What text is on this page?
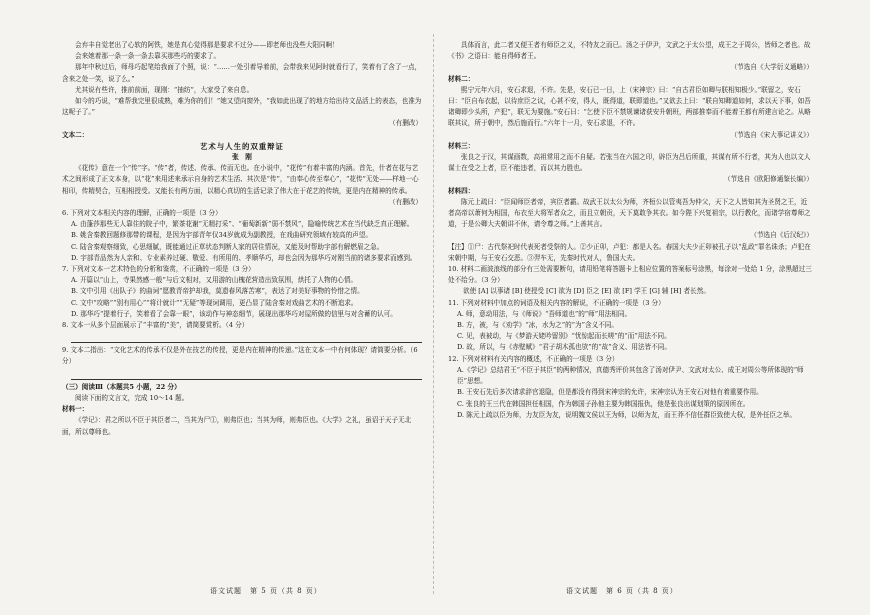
会弃丰自觉老出了心软的阿铁，她是真心觉得那是要求不过分——即老师也没些大阳同啊！

会来她着那一条一条一条去靠买那些巧的要求了。

那年中秋过后，师母巧起笔给我面了个照，说：“……一处引着导着前，会带我来见阿时就看行了，笑着有了含了一点，含来之处一笑，说了么。”

尤其说有些许，推前前面，现刚：“抽纺”，大家受了来自息。

如今的巧说，“难帮我完里很成熟，难为你的们！”她又望向窗外，“我如此出现了的地方给出待文品活上的表态，也准为这呢子了。”

（有删改）

文本二：

艺术与人生的双重辩证

张　刚

《花传》意在一个“传”字。“传”者，传述、传承、传而无也。在小说中，“花传”有着丰富的内涵。首先，什者在花与艺术之间形成了正文本身，以“花”来用述来承示自身的艺术生活、其次是“传”，“由奉心传至奉心”，“花传”无处——样地一心相印，传精契合，互相相授受。又能长有两方面，以精心真切的生活记录了伟大在于花艺的传统，更是内在精神的传承。

（有删改）

6. 下列对文本相关内容的理解，正确的一项是（3 分）

A. 由蓬莎那些无人靠住的院子中，繁茶花谢“无精打采”、“葡萄新新”弱不禁风”，隐喻传统艺术在当代缺乏真正理解。

B. 姚含秦教回题修那带的课程，是因为宇部青年仅34岁就成为副教授，在戏曲研究领域有较高的声望。

C. 陆含秦观察细致，心思细腻，既能通过正草状态判断人家的居住情况，又能及时帮助宇部有解燃眉之急。

D. 宇部青品然为人亲和、专业素养过硬、敬爱、有所用的、孝顺华巧，却也会因为那华巧对刚当前的诸多要求而感到。

7. 下列对文本一艺术特色的分析和鉴赏，不正确的一项是（3 分）

A. 开篇以“山上，寺果然感一般”与后文相对，又用游的山槐花营造出致氛围，烘托了人物的心情。

B. 文中引用《出队子》的曲词“愿教青帝护却我，莫遗春风落苦寒”，表达了对美好事物的怜惜之情。

C. 文中“攻略”“别有用心”“将计就计”“无疑”等现词调用，更凸显了陆含秦对戏曲艺术的不断追求。

D. 那华巧“提着行子，笑着看了会靠一眼”，该动作与神态细节，展现出那华巧对屋所做的信里与对含蓄的认可。

8. 文本一从多个层面展示了“丰富的”美”，请简要赏析。（4 分）

9. 文本二指出：“文化艺术的传承不仅是外在技艺的传授，更是内在精神的传递。”这在文本一中有何体现？请简要分析。（6 分）

（三）阅读Ⅲ（本题共5 小题，22 分）

阅读下面的文言文，完成 10～14 题。

材料一：

《学记》：君之所以不臣于其臣者二，当其为尸①，则弗臣也；当其为师，则弗臣也。《大学》之礼，虽诏于天子无北面，所以尊师也。

具体而言，此二者又便王者有师臣之义，不特友之而已。汤之于伊尹，文武之于太公望，成王之于周公，皆师之者也。故《书》之语曰：能自得师者王。

（节选自《大学衍义通略》）

材料二：

熙宁元年六月，安石求退，不许。先是，安石已一日，上（宋神宗）曰：“自古君臣如卿与朕相知极少。”联留之，安石曰：“臣自布衣起，以待庶臣之议，心甚不安，得人，既得道，联即道也。”又欲去上曰：“联自知卿道如何，求以天下事，如吾诸卿即少头所，产犯”，联无为要施。”安石曰：“乞使下臣不禁规谏诸获安升朝班，两部推奉而不能着王都有所建言论之。从略联其议，所于朝中，然后施而行。”六年十一月，安石求退，不许。

（节选自《宋大事记讲义》）

材料三：

张良之于汉，其谋画数，高祖常用之而不自疑。若张当在六国之印，辟臣为吕后所重，其谋有所不行者，其为人也以文人谋士在受之上者，臣不能违者，而以其力胜也。

（节选自《欧阳修通鉴长编》）

材料四：

陈元上疏曰：“臣闻师臣者帝，宾臣者霸。故武王以太公为师，齐桓公以管夷吾为仲父，天下之人皆知其为圣贤之王，近者高帝以萧何为相国，布衣至大将军者众之，而且立朝贡，天下莫敢争其衣。如今陛下兴复祖宗，以行教化，而诸学宿尊师之道，于是公卿大夫朝讲不休，请令尊之师。”上善其言。

（节选自《后汉纪》）

【注】①尸：古代祭祀时代表死者受祭的人。②少正卯，卢犯：都是人名。春国大夫少正卯被孔子以“乱政”罪名诛杀；卢犯在宋朝中期，与王安石交恶。③羿车无，先秦时代对人，鲁国大夫。

10. 材料二画波浪线的部分有三处需要断句，请用铅笔将答题卡上相应位置的答案标号涂黑，每涂对一处给 1 分，涂黑超过三处不给分。（3 分）

欲使 [A] 以事诸 [B] 使授受 [C] 欲为 [D] 臣之 [E] 欲 [F] 学王 [G] 辅 [H] 者长然。

11. 下列对材料中加点的词语及相关内容的解说，不正确的一项是（3 分）

A. 师，意动用法，与《师说》“吾师道也”的“师”用法相同。

B. 方，被，与《劝学》“冰，水为之”的“为”含义不同。

C. 见，表被动，与《梦游天姥吟留别》“忧惊起而长嗟”的“而”用法不同。

D. 故，所以，与《赤壁赋》“君子胡木孤也欤”的“故”含义、用法皆不同。

12. 下列对材料有关内容的概述，不正确的一项是（3 分）

A.《学记》总结君王“不臣于其臣”的两种情况，真德秀评价其包含了汤对伊尹、文武对太公、成王对周公等所体现的“师臣”思想。

B. 王安石先后多次请求辞官退隐，但是都没有得到宋神宗的允许，宋神宗认为王安石对他有着重要作用。

C. 张良的王三代在韩国担任相国，作为韩国子孙他主要为韩国报仇，他是张良出谋划策的原因所在。

D. 陈元上疏以臣为师，力友臣为友，说明魏文侯以王为师，以师为友，而王莽不信任群臣致使大权，是外任臣之举。

语文试题　第 5 页（共 8 页）	语文试题　第 6 页（共 8 页）
